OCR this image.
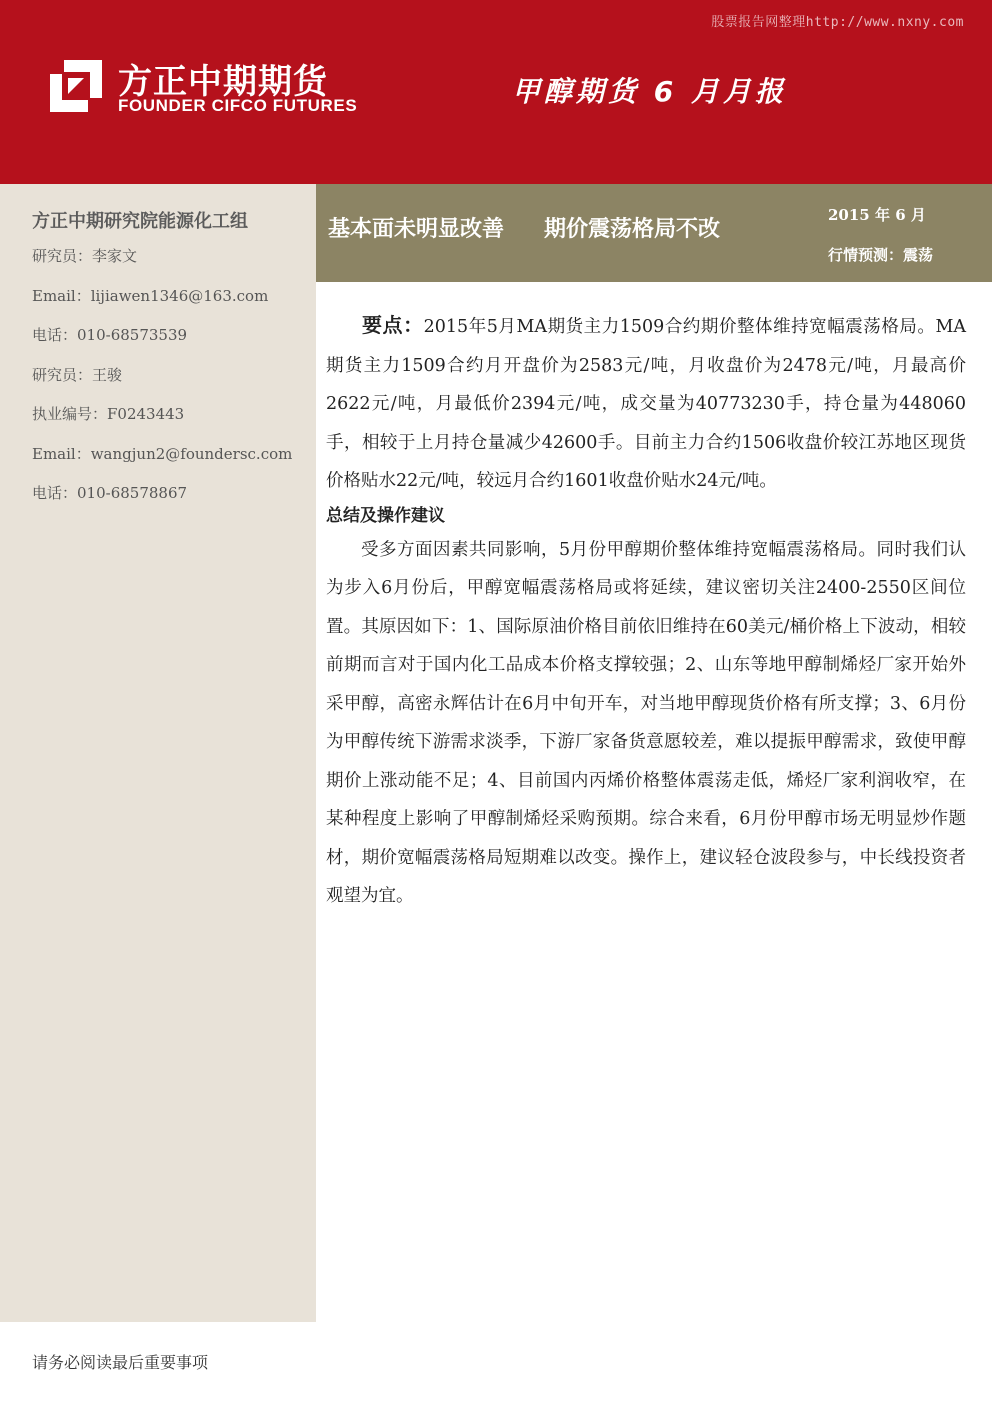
股票报告网整理http://www.nxny.com
方正中期期货
FOUNDER CIFCO FUTURES	甲醇期货 6 月月报
方正中期研究院能源化工组
研究员：李家文
Email：lijiawen1346@163.com
电话：010-68573539
研究员：王骏
执业编号：F0243443
Email：wangjun2@foundersc.com
电话：010-68578867
请务必阅读最后重要事项
基本面未明显改善 期价震荡格局不改
2015 年 6 月
行情预测：震荡

要点：2015年5月MA期货主力1509合约期价整体维持宽幅震荡格局。MA期货主力1509合约月开盘价为2583元/吨，月收盘价为2478元/吨，月最高价2622元/吨，月最低价2394元/吨，成交量为40773230手，持仓量为448060手，相较于上月持仓量减少42600手。目前主力合约1506收盘价较江苏地区现货价格贴水22元/吨，较远月合约1601收盘价贴水24元/吨。

总结及操作建议

受多方面因素共同影响，5月份甲醇期价整体维持宽幅震荡格局。同时我们认为步入6月份后，甲醇宽幅震荡格局或将延续，建议密切关注2400-2550区间位置。其原因如下：1、国际原油价格目前依旧维持在60美元/桶价格上下波动，相较前期而言对于国内化工品成本价格支撑较强；2、山东等地甲醇制烯烃厂家开始外采甲醇，高密永辉估计在6月中旬开车，对当地甲醇现货价格有所支撑；3、6月份为甲醇传统下游需求淡季，下游厂家备货意愿较差，难以提振甲醇需求，致使甲醇期价上涨动能不足；4、目前国内丙烯价格整体震荡走低，烯烃厂家利润收窄，在某种程度上影响了甲醇制烯烃采购预期。综合来看，6月份甲醇市场无明显炒作题材，期价宽幅震荡格局短期难以改变。操作上，建议轻仓波段参与，中长线投资者观望为宜。
